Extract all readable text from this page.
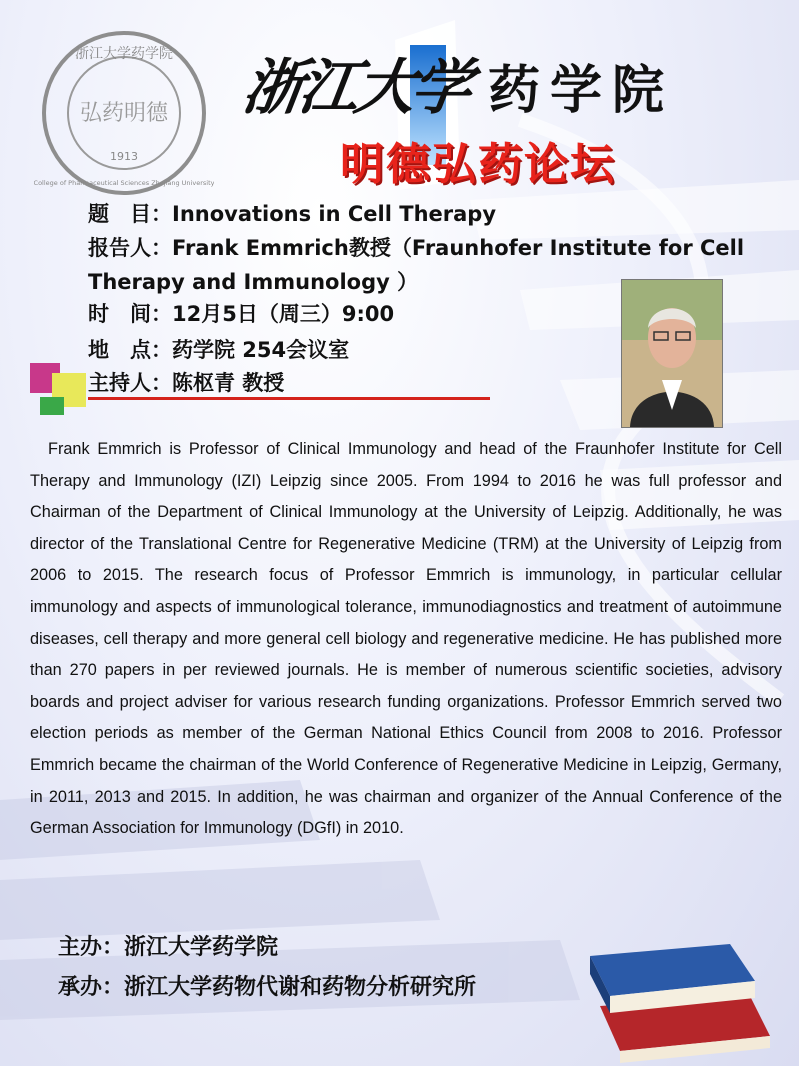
浙江大学药学院
弘药明德
1913
College of Pharmaceutical Sciences Zhejiang University
浙江大学 药学院
明德弘药论坛
题　目：Innovations in Cell Therapy
报告人：Frank Emmrich教授（Fraunhofer Institute for Cell
Therapy and Immunology ）
时　间：12月5日（周三）9:00
地　点：药学院 254会议室
主持人：陈枢青 教授
Frank Emmrich is Professor of Clinical Immunology and head of the Fraunhofer Institute for Cell Therapy and Immunology (IZI) Leipzig since 2005. From 1994 to 2016 he was full professor and Chairman of the Department of Clinical Immunology at the University of Leipzig. Additionally, he was director of the Translational Centre for Regenerative Medicine (TRM) at the University of Leipzig from 2006 to 2015. The research focus of Professor Emmrich is immunology, in particular cellular immunology and aspects of immunological tolerance, immunodiagnostics and treatment of autoimmune diseases, cell therapy and more general cell biology and regenerative medicine. He has published more than 270 papers in per reviewed journals. He is member of numerous scientific societies, advisory boards and project adviser for various research funding organizations. Professor Emmrich served two election periods as member of the German National Ethics Council from 2008 to 2016. Professor Emmrich became the chairman of the World Conference of Regenerative Medicine in Leipzig, Germany, in 2011, 2013 and 2015. In addition, he was chairman and organizer of the Annual Conference of the German Association for Immunology (DGfI) in 2010.
主办：浙江大学药学院
承办：浙江大学药物代谢和药物分析研究所
